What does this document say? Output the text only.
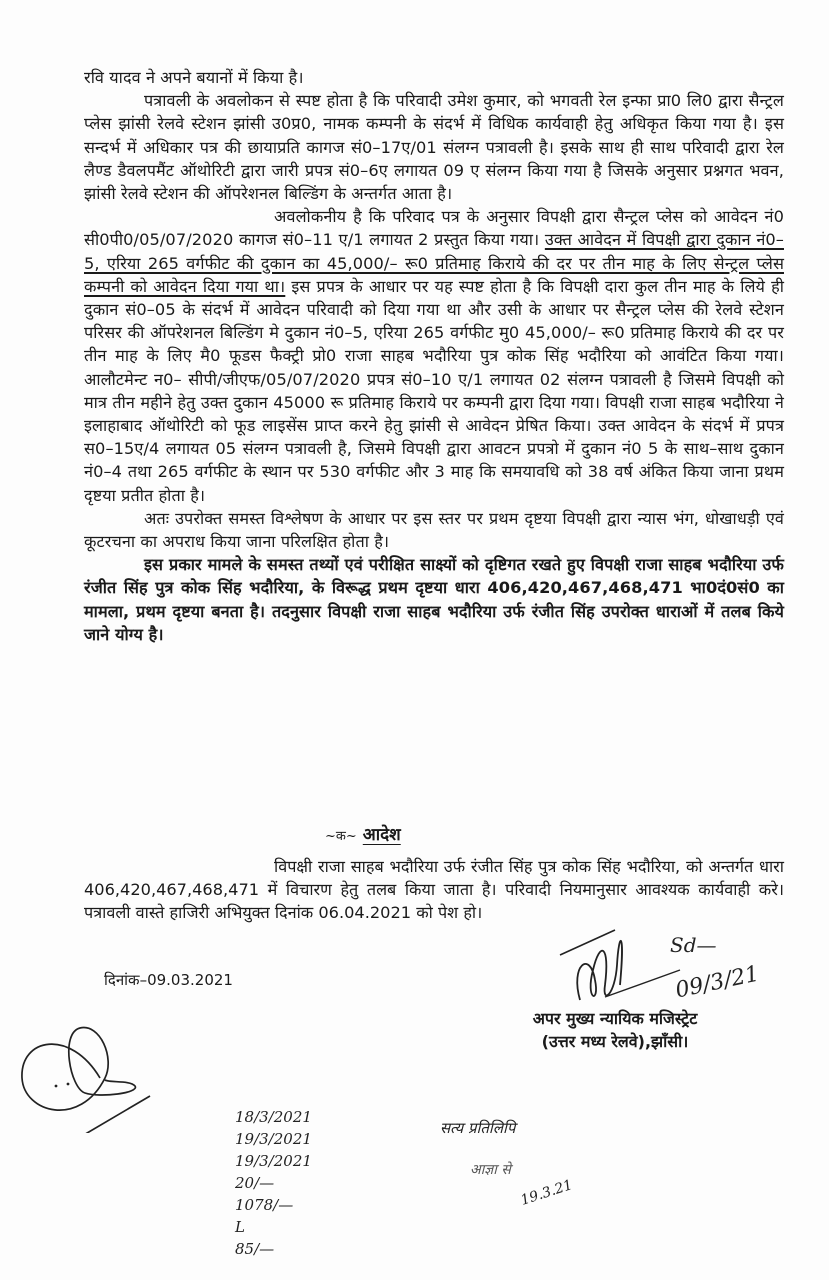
रवि यादव ने अपने बयानों में किया है।

पत्रावली के अवलोकन से स्पष्ट होता है कि परिवादी उमेश कुमार, को भगवती रेल इन्फा प्रा0 लि0 द्वारा सैन्ट्रल प्लेस झांसी रेलवे स्टेशन झांसी उ0प्र0, नामक कम्पनी के संदर्भ में विधिक कार्यवाही हेतु अधिकृत किया गया है। इस सन्दर्भ में अधिकार पत्र की छायाप्रति कागज सं0–17ए/01 संलग्न पत्रावली है। इसके साथ ही साथ परिवादी द्वारा रेल लैण्ड डैवलपमैंट ऑथोरिटी द्वारा जारी प्रपत्र सं0–6ए लगायत 09 ए संलग्न किया गया है जिसके अनुसार प्रश्नगत भवन, झांसी रेलवे स्टेशन की ऑपरेशनल बिल्डिंग के अन्तर्गत आता है।

अवलोकनीय है कि परिवाद पत्र के अनुसार विपक्षी द्वारा सैन्ट्रल प्लेस को आवेदन नं0 सी0पी0/05/07/2020 कागज सं0–11 ए/1 लगायत 2 प्रस्तुत किया गया। उक्त आवेदन में विपक्षी द्वारा दुकान नं0–5, एरिया 265 वर्गफीट की दुकान का 45,000/– रू0 प्रतिमाह किराये की दर पर तीन माह के लिए सेन्ट्रल प्लेस कम्पनी को आवेदन दिया गया था। इस प्रपत्र के आधार पर यह स्पष्ट होता है कि विपक्षी दारा कुल तीन माह के लिये ही दुकान सं0–05 के संदर्भ में आवेदन परिवादी को दिया गया था और उसी के आधार पर सैन्ट्रल प्लेस की रेलवे स्टेशन परिसर की ऑपरेशनल बिल्डिंग मे दुकान नं0–5, एरिया 265 वर्गफीट मु0 45,000/– रू0 प्रतिमाह किराये की दर पर तीन माह के लिए मै0 फूडस फैक्ट्री प्रो0 राजा साहब भदौरिया पुत्र कोक सिंह भदौरिया को आवंटित किया गया। आलौटमेन्ट न0– सीपी/जीएफ/05/07/2020 प्रपत्र सं0–10 ए/1 लगायत 02 संलग्न पत्रावली है जिसमे विपक्षी को मात्र तीन महीने हेतु उक्त दुकान 45000 रू प्रतिमाह किराये पर कम्पनी द्वारा दिया गया। विपक्षी राजा साहब भदौरिया ने इलाहाबाद ऑथोरिटी को फूड लाइसेंस प्राप्त करने हेतु झांसी से आवेदन प्रेषित किया। उक्त आवेदन के संदर्भ में प्रपत्र स0–15ए/4 लगायत 05 संलग्न पत्रावली है, जिसमे विपक्षी द्वारा आवटन प्रपत्रो में दुकान नं0 5 के साथ–साथ दुकान नं0–4 तथा 265 वर्गफीट के स्थान पर 530 वर्गफीट और 3 माह कि समयावधि को 38 वर्ष अंकित किया जाना प्रथम दृष्टया प्रतीत होता है।

अतः उपरोक्त समस्त विश्लेषण के आधार पर इस स्तर पर प्रथम दृष्टया विपक्षी द्वारा न्यास भंग, धोखाधड़ी एवं कूटरचना का अपराध किया जाना परिलक्षित होता है।

इस प्रकार मामले के समस्त तथ्यों एवं परीक्षित साक्ष्यों को दृष्टिगत रखते हुए विपक्षी राजा साहब भदौरिया उर्फ रंजीत सिंह पुत्र कोक सिंह भदौरिया, के विरूद्ध प्रथम दृष्टया धारा 406,420,467,468,471 भा0दं0सं0 का मामला, प्रथम दृष्टया बनता है। तदनुसार विपक्षी राजा साहब भदौरिया उर्फ रंजीत सिंह उपरोक्त धाराओं में तलब किये जाने योग्य है।

~क~ आदेश

विपक्षी राजा साहब भदौरिया उर्फ रंजीत सिंह पुत्र कोक सिंह भदौरिया, को अन्तर्गत धारा 406,420,467,468,471 में विचारण हेतु तलब किया जाता है। परिवादी नियमानुसार आवश्यक कार्यवाही करे। पत्रावली वास्ते हाजिरी अभियुक्त दिनांक 06.04.2021 को पेश हो।

दिनांक–09.03.2021
Sd—
09/3/21
अपर मुख्य न्यायिक मजिस्ट्रेट
(उत्तर मध्य रेलवे),झाँसी।
18/3/2021
19/3/2021
19/3/2021
20/—
1078/—
L
85/—
सत्य प्रतिलिपि
आज्ञा से
19.3.21
